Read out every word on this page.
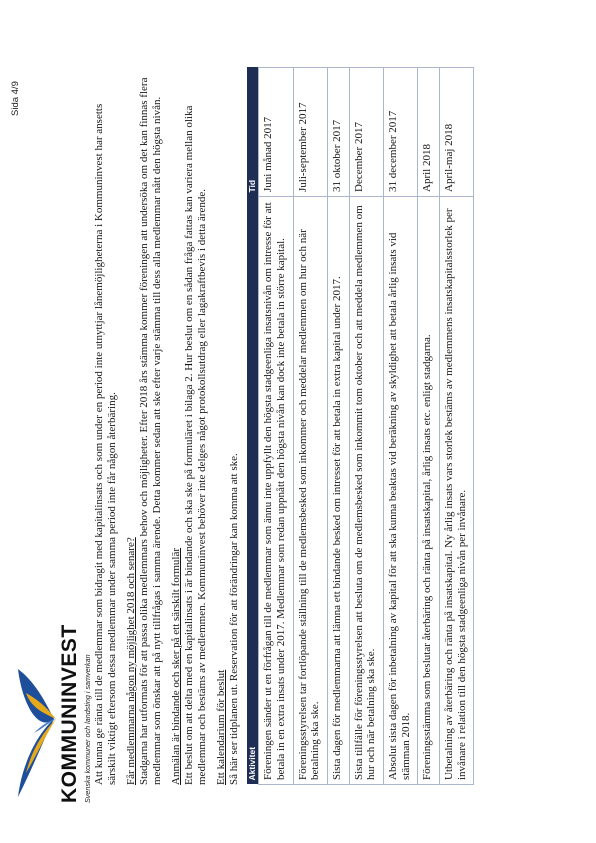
KOMMUNINVEST Svenska kommuner och landsting i samverkan
Sida 4/9

Att kunna ge ränta till de medlemmar som bidragit med kapitalinsats och som under en period inte utnyttjar lånemöjligheterna i Kommuninvest har ansetts särskilt viktigt eftersom dessa medlemmar under samma period inte får någon återbäring. Får medlemmarna någon ny möjlighet 2018 och senare?
Stadgarna har utformats för att passa olika medlemmars behov och möjligheter. Efter 2018 års stämma kommer föreningen att undersöka om det kan finnas flera medlemmar som önskar att på nytt tillfrågas i samma ärende. Detta kommer sedan att ske efter varje stämma till dess alla medlemmar nått den högsta nivån. Anmälan är bindande och sker på ett särskilt formulär
Ett beslut om att delta med en kapitalinsats i är bindande och ska ske på formuläret i bilaga 2. Hur beslut om en sådan fråga fattas kan variera mellan olika medlemmar och bestäms av medlemmen. Kommuninvest behöver inte delges något protokollsutdrag eller lagakraftbevis i detta ärende. Ett kalendarium för beslut
Så här ser tidplanen ut. Reservation för att förändringar kan komma att ske. Aktivitet	Tid
Föreningen sänder ut en förfrågan till de medlemmar som ännu inte uppfyllt den högsta stadgeenliga insatsnivån om intresse för att betala in en extra insats under 2017. Medlemmar som redan uppnått den högsta nivån kan dock inte betala in större kapital.	Juni månad 2017
Föreningsstyrelsen tar fortlöpande ställning till de medlemsbesked som inkommer och meddelar medlemmen om hur och när betalning ska ske.	Juli-september 2017
Sista dagen för medlemmarna att lämna ett bindande besked om intresset för att betala in extra kapital under 2017.	31 oktober 2017
Sista tillfälle för föreningsstyrelsen att besluta om de medlemsbesked som inkommit tom oktober och att meddela medlemmen om hur och när betalning ska ske.	December 2017
Absolut sista dagen för inbetalning av kapital för att ska kunna beaktas vid beräkning av skyldighet att betala årlig insats vid stämman 2018.	31 december 2017
Föreningsstämma som beslutar återbäring och ränta på insatskapital, årlig insats etc. enligt stadgarna.	April 2018
Utbetalning av återbäring och ränta på insatskapital. Ny årlig insats vars storlek bestäms av medlemmens insatskapitalsstorlek per invånare i relation till den högsta stadgeenliga nivån per invånare.	April-maj 2018
